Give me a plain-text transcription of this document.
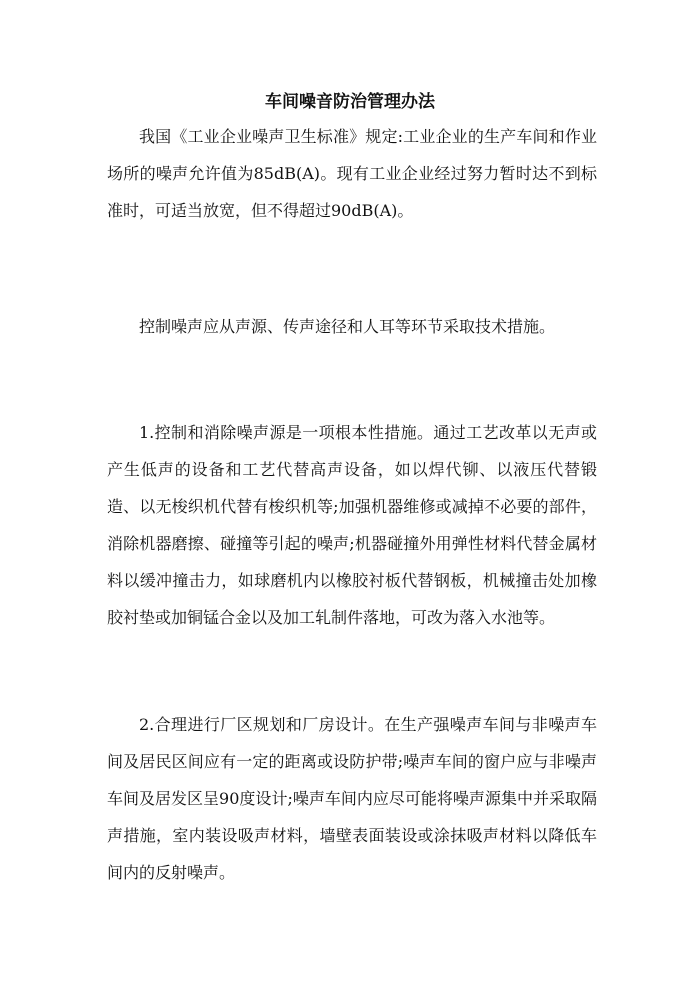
车间噪音防治管理办法

我国《工业企业噪声卫生标准》规定:工业企业的生产车间和作业场所的噪声允许值为85dB(A)。现有工业企业经过努力暂时达不到标准时，可适当放宽，但不得超过90dB(A)。

控制噪声应从声源、传声途径和人耳等环节采取技术措施。

1.控制和消除噪声源是一项根本性措施。通过工艺改革以无声或产生低声的设备和工艺代替高声设备，如以焊代铆、以液压代替锻造、以无梭织机代替有梭织机等;加强机器维修或减掉不必要的部件，消除机器磨擦、碰撞等引起的噪声;机器碰撞外用弹性材料代替金属材料以缓冲撞击力，如球磨机内以橡胶衬板代替钢板，机械撞击处加橡胶衬垫或加铜锰合金以及加工轧制件落地，可改为落入水池等。

2.合理进行厂区规划和厂房设计。在生产强噪声车间与非噪声车间及居民区间应有一定的距离或设防护带;噪声车间的窗户应与非噪声车间及居发区呈90度设计;噪声车间内应尽可能将噪声源集中并采取隔声措施，室内装设吸声材料，墙壁表面装设或涂抹吸声材料以降低车间内的反射噪声。
